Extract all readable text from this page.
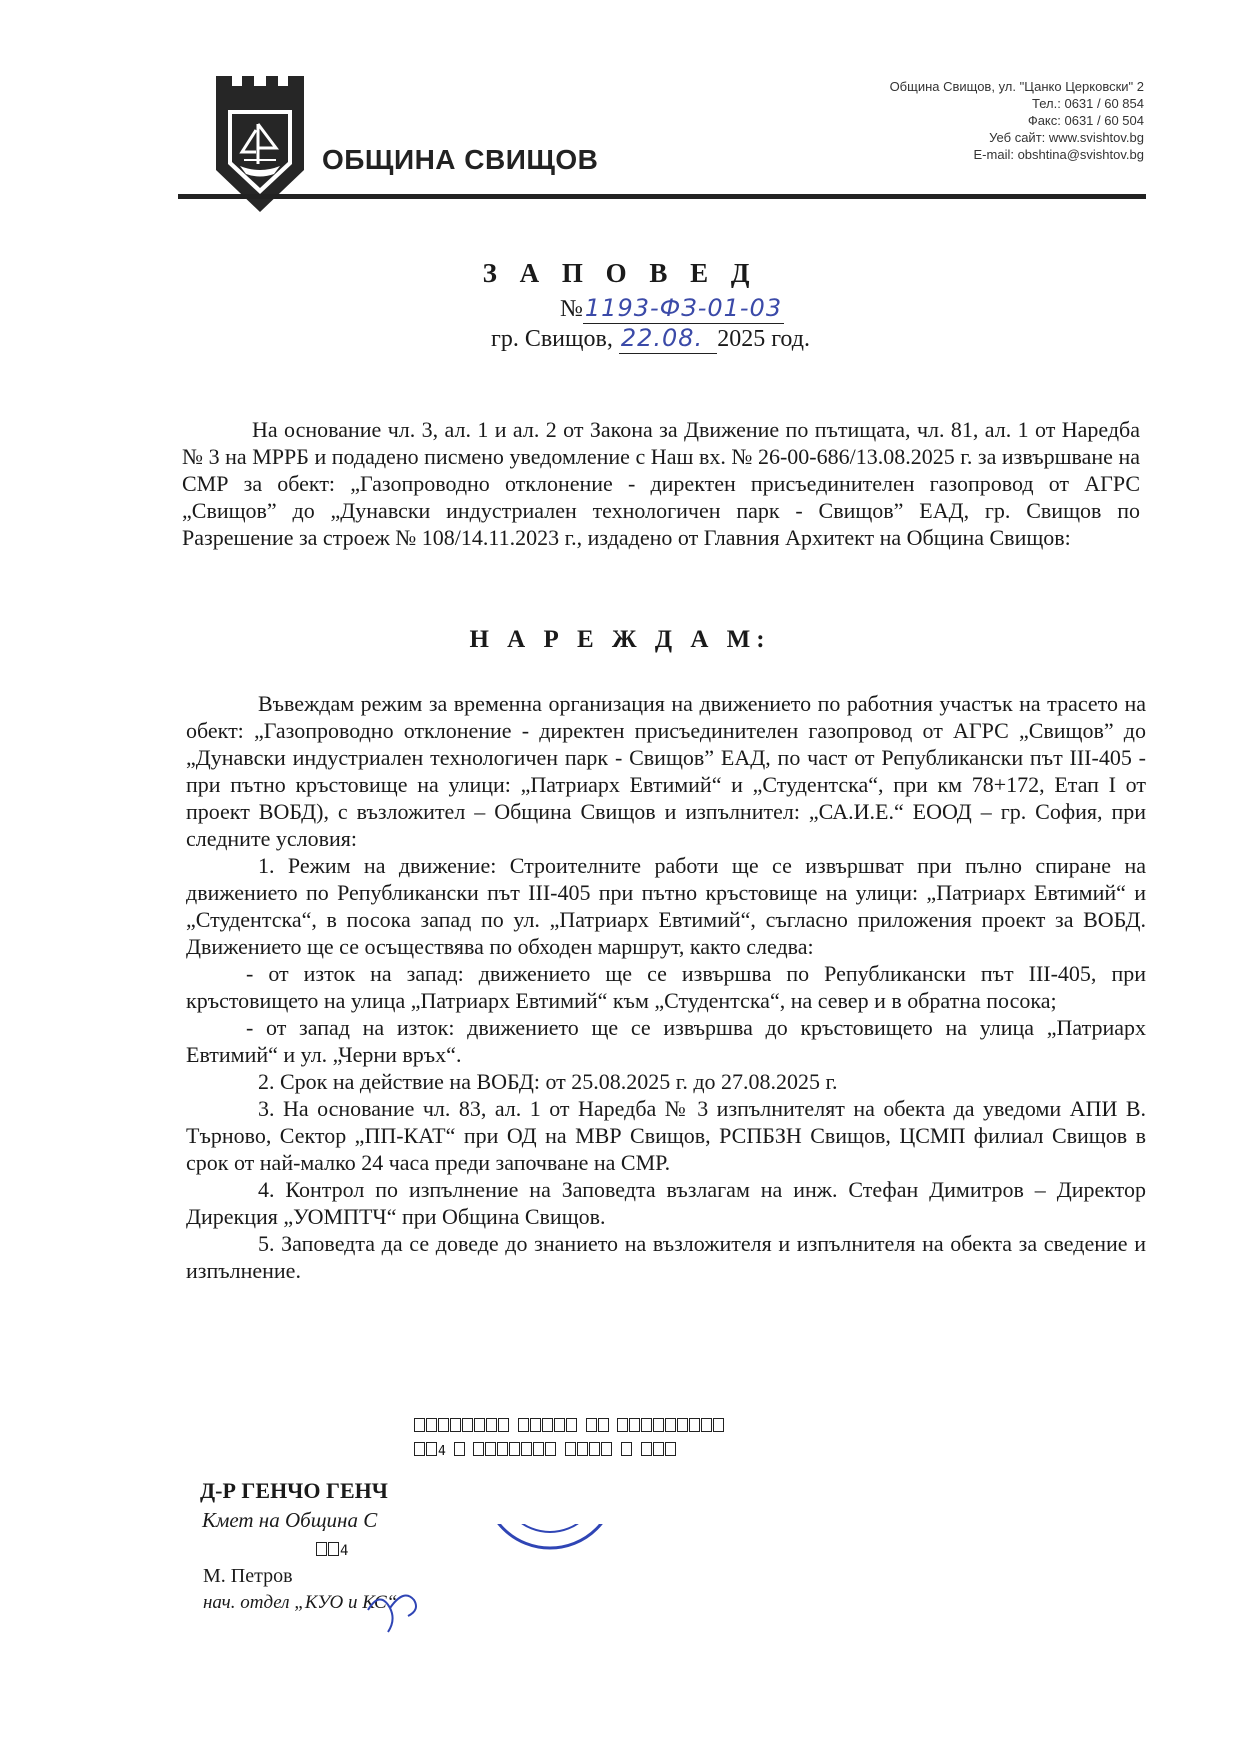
ОБЩИНА СВИЩОВ
Община Свищов, ул. "Цанко Церковски" 2
Тел.: 0631 / 60 854
Факс: 0631 / 60 504
Уеб сайт: www.svishtov.bg
E-mail: obshtina@svishtov.bg
З А П О В Е Д
№1193-ФЗ-01-03
гр. Свищов, 22.08. 2025 год.

На основание чл. 3, ал. 1 и ал. 2 от Закона за Движение по пътищата, чл. 81, ал. 1 от Наредба № 3 на МРРБ и подадено писмено уведомление с Наш вх. № 26-00-686/13.08.2025 г. за извършване на СМР за обект: „Газопроводно отклонение - директен присъединителен газопровод от АГРС „Свищов” до „Дунавски индустриален технологичен парк - Свищов” ЕАД, гр. Свищов по Разрешение за строеж № 108/14.11.2023 г., издадено от Главния Архитект на Община Свищов:

Н А Р Е Ж Д А М:

Въвеждам режим за временна организация на движението по работния участък на трасето на обект: „Газопроводно отклонение - директен присъединителен газопровод от АГРС „Свищов” до „Дунавски индустриален технологичен парк - Свищов” ЕАД, по част от Републикански път III-405 - при пътно кръстовище на улици: „Патриарх Евтимий“ и „Студентска“, при км 78+172, Етап I от проект ВОБД), с възложител – Община Свищов и изпълнител: „СА.И.Е.“ ЕООД – гр. София, при следните условия:

1. Режим на движение: Строителните работи ще се извършват при пълно спиране на движението по Републикански път III-405 при пътно кръстовище на улици: „Патриарх Евтимий“ и „Студентска“, в посока запад по ул. „Патриарх Евтимий“, съгласно приложения проект за ВОБД. Движението ще се осъществява по обходен маршрут, както следва:

- от изток на запад: движението ще се извършва по Републикански път III-405, при кръстовището на улица „Патриарх Евтимий“ към „Студентска“, на север и в обратна посока;

- от запад на изток: движението ще се извършва до кръстовището на улица „Патриарх Евтимий“ и ул. „Черни връх“.

2. Срок на действие на ВОБД: от 25.08.2025 г. до 27.08.2025 г.

3. На основание чл. 83, ал. 1 от Наредба № 3 изпълнителят на обекта да уведоми АПИ В. Търново, Сектор „ПП-КАТ“ при ОД на МВР Свищов, РСПБЗН Свищов, ЦСМП филиал Свищов в срок от най-малко 24 часа преди започване на СМР.

4. Контрол по изпълнение на Заповедта възлагам на инж. Стефан Димитров – Директор Дирекция „УОМПТЧ“ при Община Свищов.

5. Заповедта да се доведе до знанието на възложителя и изпълнителя на обекта за сведение и изпълнение.

4
Д-Р ГЕНЧО ГЕНЧ
Кмет на Община С
4
М. Петров
нач. отдел „КУО и КС“
